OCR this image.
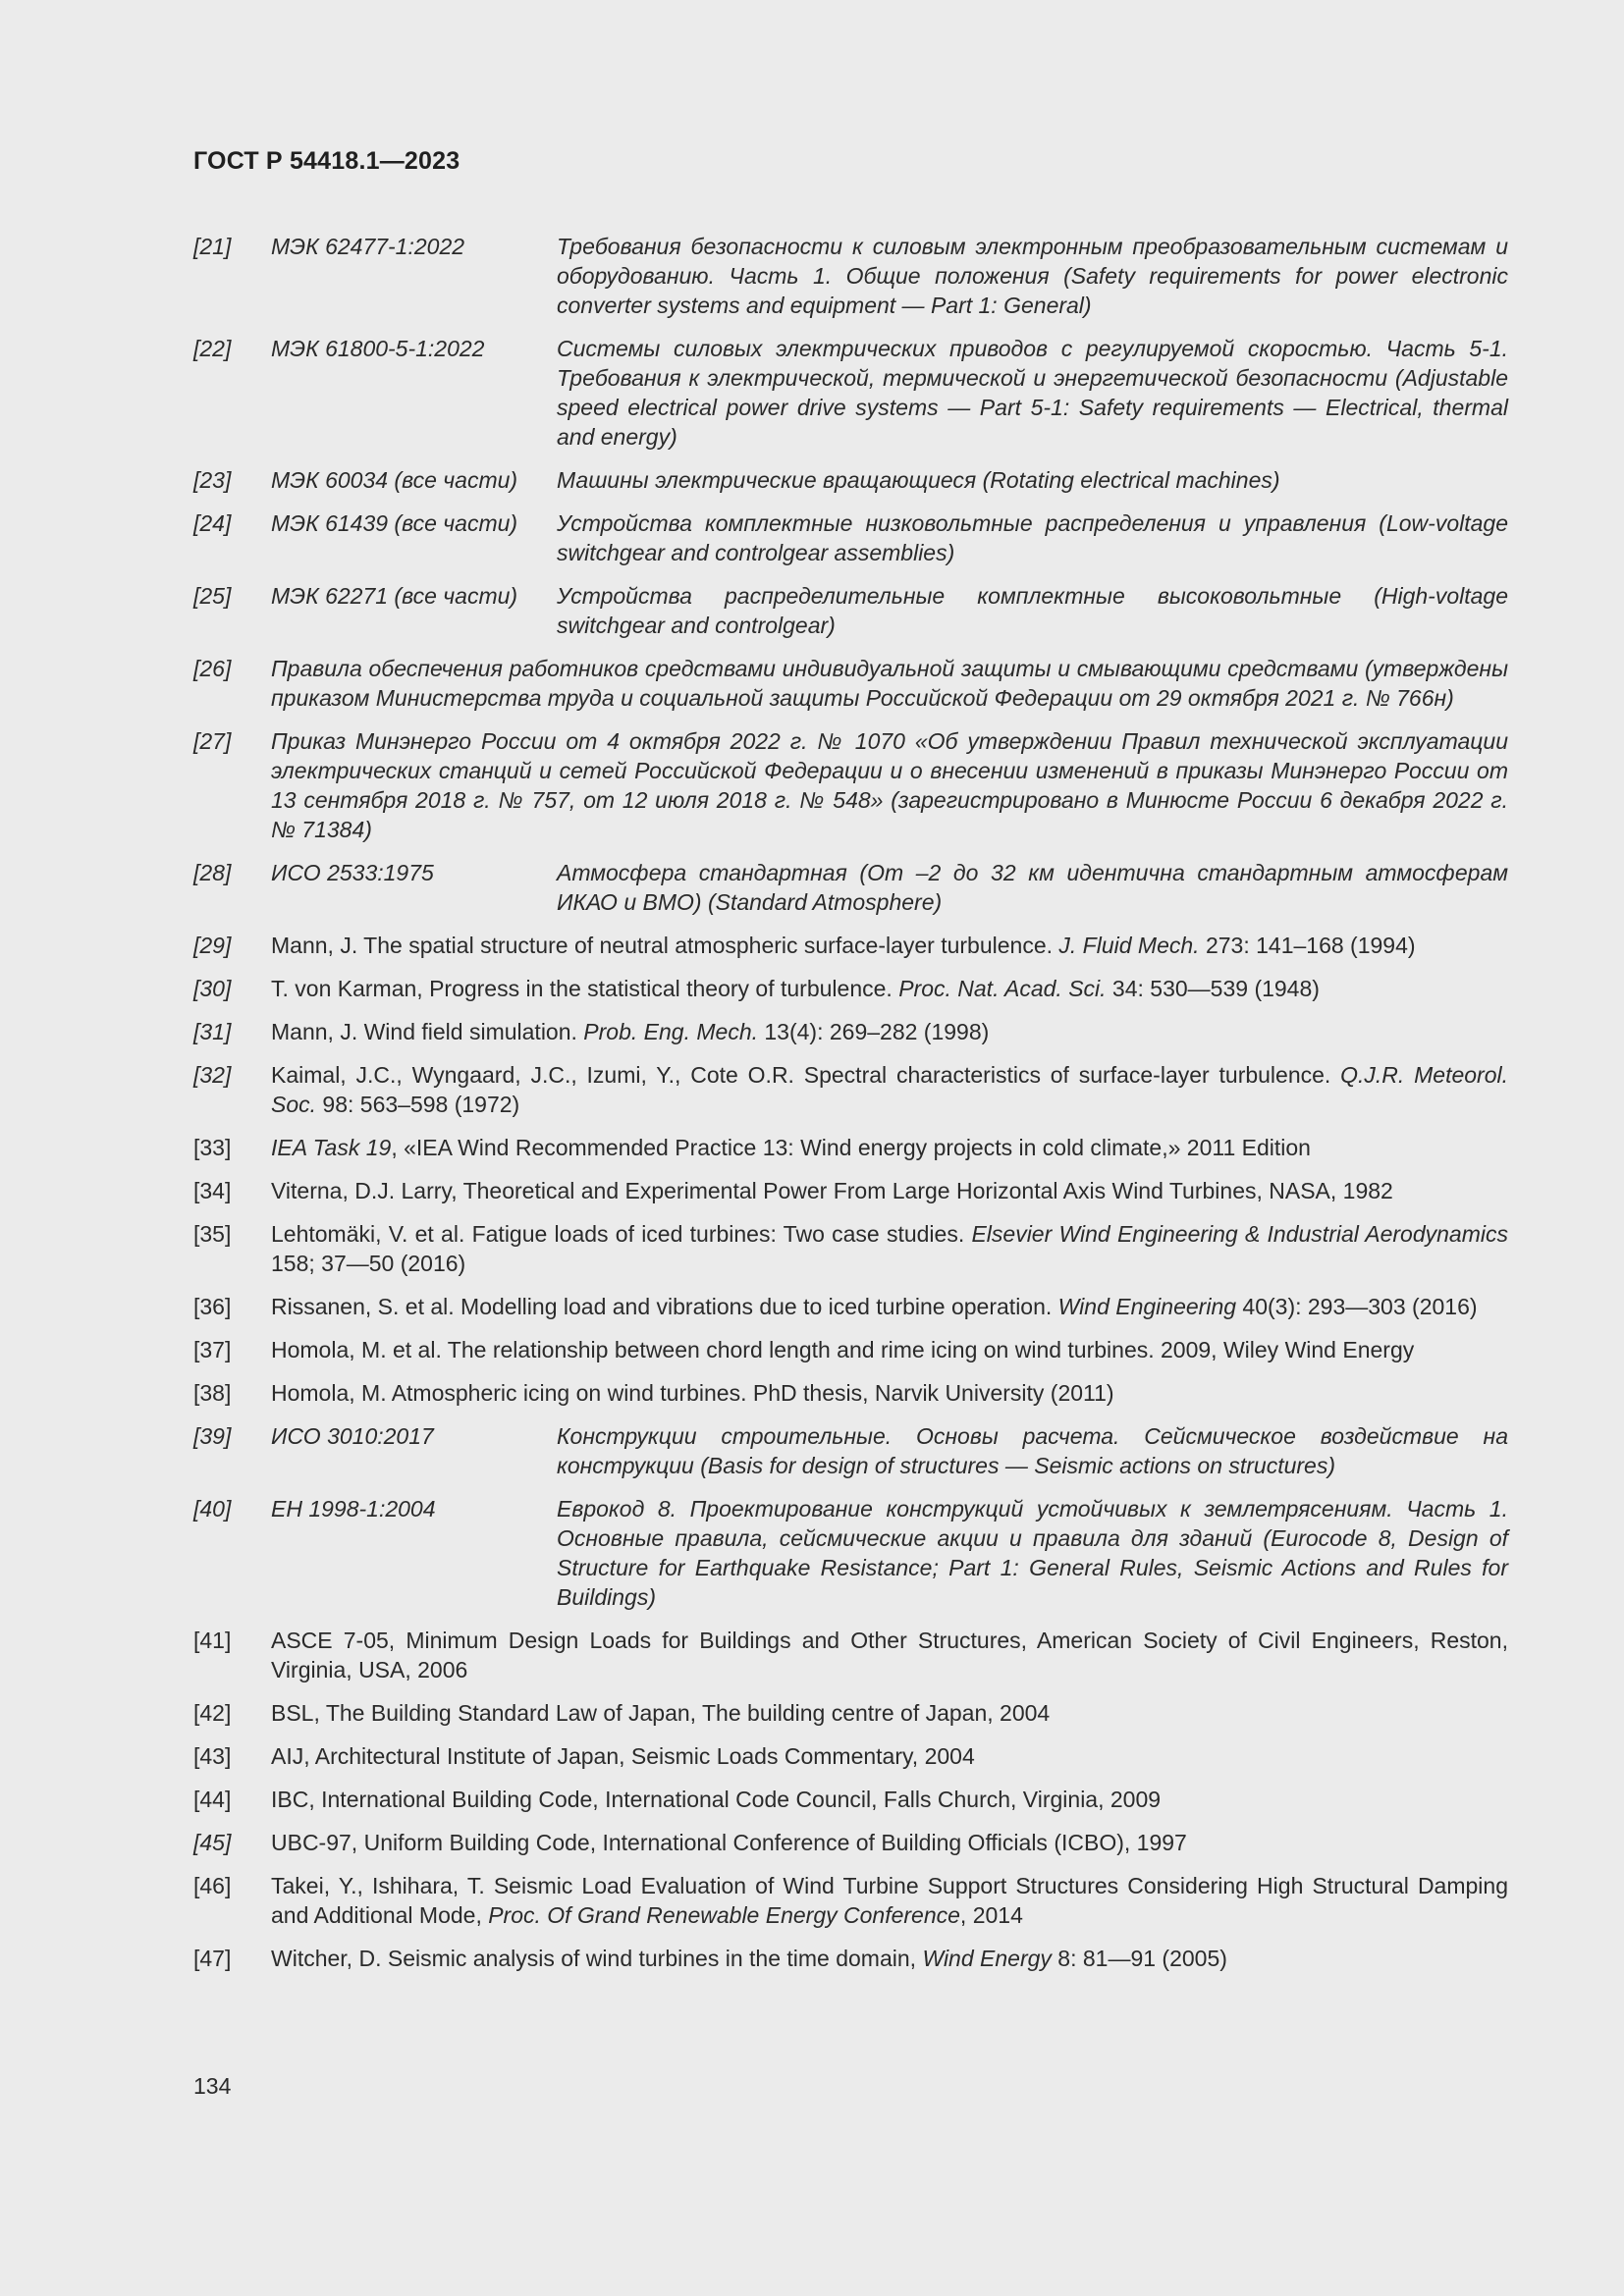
ГОСТ Р 54418.1—2023
[21]	МЭК 62477-1:2022	Требования безопасности к силовым электронным преобразовательным системам и оборудованию. Часть 1. Общие положения (Safety requirements for power electronic converter systems and equipment — Part 1: General)
[22]	МЭК 61800-5-1:2022	Системы силовых электрических приводов с регулируемой скоростью. Часть 5-1. Требования к электрической, термической и энергетической безопасности (Adjustable speed electrical power drive systems — Part 5-1: Safety requirements — Electrical, thermal and energy)
[23]	МЭК 60034 (все части)	Машины электрические вращающиеся (Rotating electrical machines)
[24]	МЭК 61439 (все части)	Устройства комплектные низковольтные распределения и управления (Low-voltage switchgear and controlgear assemblies)
[25]	МЭК 62271 (все части)	Устройства распределительные комплектные высоковольтные (High-voltage switchgear and controlgear)
[26]	Правила обеспечения работников средствами индивидуальной защиты и смывающими средствами (утверждены приказом Министерства труда и социальной защиты Российской Федерации от 29 октября 2021 г. № 766н)
[27]	Приказ Минэнерго России от 4 октября 2022 г. № 1070 «Об утверждении Правил технической эксплуатации электрических станций и сетей Российской Федерации и о внесении изменений в приказы Минэнерго России от 13 сентября 2018 г. № 757, от 12 июля 2018 г. № 548» (зарегистрировано в Минюсте России 6 декабря 2022 г. № 71384)
[28]	ИСО 2533:1975	Атмосфера стандартная (От –2 до 32 км идентична стандартным атмосферам ИКАО и ВМО) (Standard Atmosphere)
[29]	Mann, J. The spatial structure of neutral atmospheric surface-layer turbulence. J. Fluid Mech. 273: 141–168 (1994)
[30]	T. von Karman, Progress in the statistical theory of turbulence. Proc. Nat. Acad. Sci. 34: 530—539 (1948)
[31]	Mann, J. Wind field simulation. Prob. Eng. Mech. 13(4): 269–282 (1998)
[32]	Kaimal, J.C., Wyngaard, J.C., Izumi, Y., Cote O.R. Spectral characteristics of surface-layer turbulence. Q.J.R. Meteorol. Soc. 98: 563–598 (1972)
[33]	IEA Task 19, «IEA Wind Recommended Practice 13: Wind energy projects in cold climate,» 2011 Edition
[34]	Viterna, D.J. Larry, Theoretical and Experimental Power From Large Horizontal Axis Wind Turbines, NASA, 1982
[35]	Lehtomäki, V. et al. Fatigue loads of iced turbines: Two case studies. Elsevier Wind Engineering & Industrial Aerodynamics 158; 37—50 (2016)
[36]	Rissanen, S. et al. Modelling load and vibrations due to iced turbine operation. Wind Engineering 40(3): 293—303 (2016)
[37]	Homola, M. et al. The relationship between chord length and rime icing on wind turbines. 2009, Wiley Wind Energy
[38]	Homola, M. Atmospheric icing on wind turbines. PhD thesis, Narvik University (2011)
[39]	ИСО 3010:2017	Конструкции строительные. Основы расчета. Сейсмическое воздействие на конструкции (Basis for design of structures — Seismic actions on structures)
[40]	ЕН 1998-1:2004	Еврокод 8. Проектирование конструкций устойчивых к землетрясениям. Часть 1. Основные правила, сейсмические акции и правила для зданий (Eurocode 8, Design of Structure for Earthquake Resistance; Part 1: General Rules, Seismic Actions and Rules for Buildings)
[41]	ASCE 7-05, Minimum Design Loads for Buildings and Other Structures, American Society of Civil Engineers, Reston, Virginia, USA, 2006
[42]	BSL, The Building Standard Law of Japan, The building centre of Japan, 2004
[43]	AIJ, Architectural Institute of Japan, Seismic Loads Commentary, 2004
[44]	IBC, International Building Code, International Code Council, Falls Church, Virginia, 2009
[45]	UBC-97, Uniform Building Code, International Conference of Building Officials (ICBO), 1997
[46]	Takei, Y., Ishihara, T. Seismic Load Evaluation of Wind Turbine Support Structures Considering High Structural Damping and Additional Mode, Proc. Of Grand Renewable Energy Conference, 2014
[47]	Witcher, D. Seismic analysis of wind turbines in the time domain, Wind Energy 8: 81—91 (2005)
134
